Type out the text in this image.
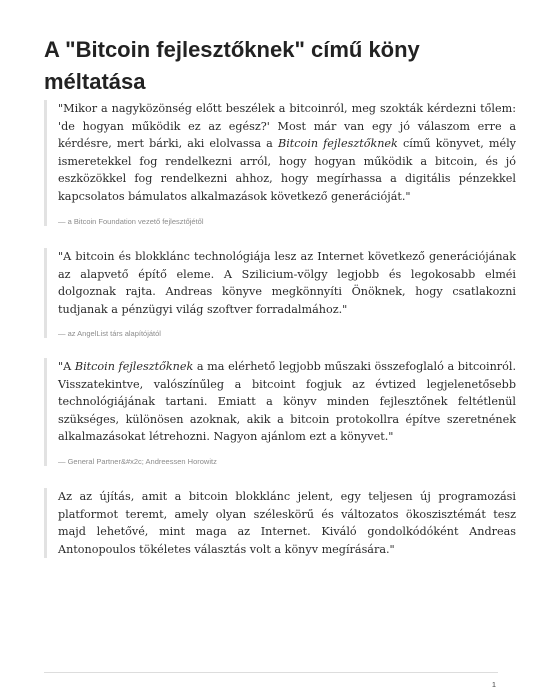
A "Bitcoin fejlesztőknek" című köny méltatása

"Mikor a nagyközönség előtt beszélek a bitcoinról, meg szokták kérdezni tőlem: 'de hogyan működik ez az egész?' Most már van egy jó válaszom erre a kérdésre, mert bárki, aki elolvassa a Bitcoin fejlesztőknek című könyvet, mély ismeretekkel fog rendelkezni arról, hogy hogyan működik a bitcoin, és jó eszközökkel fog rendelkezni ahhoz, hogy megírhassa a digitális pénzekkel kapcsolatos bámulatos alkalmazások következő generációját."

— a Bitcoin Foundation vezető fejlesztőjétől

"A bitcoin és blokklánc technológiája lesz az Internet következő generációjának az alapvető építő eleme. A Szilicium-völgy legjobb és legokosabb elméi dolgoznak rajta. Andreas könyve megkönnyíti Önöknek, hogy csatlakozni tudjanak a pénzügyi világ szoftver forradalmához."

— az AngelList társ alapítójától

"A Bitcoin fejlesztőknek a ma elérhető legjobb műszaki összefoglaló a bitcoinról. Visszatekintve, valószínűleg a bitcoint fogjuk az évtized legjelenetősebb technológiájának tartani. Emiatt a könyv minden fejlesztőnek feltétlenül szükséges, különösen azoknak, akik a bitcoin protokollra építve szeretnének alkalmazásokat létrehozni. Nagyon ajánlom ezt a könyvet."

— General Partner&#x2c; Andreessen Horowitz

Az az újítás, amit a bitcoin blokklánc jelent, egy teljesen új programozási platformot teremt, amely olyan széleskörű és változatos ökoszisztémát tesz majd lehetővé, mint maga az Internet. Kiváló gondolkódóként Andreas Antonopoulos tökéletes választás volt a könyv megírására."

1
